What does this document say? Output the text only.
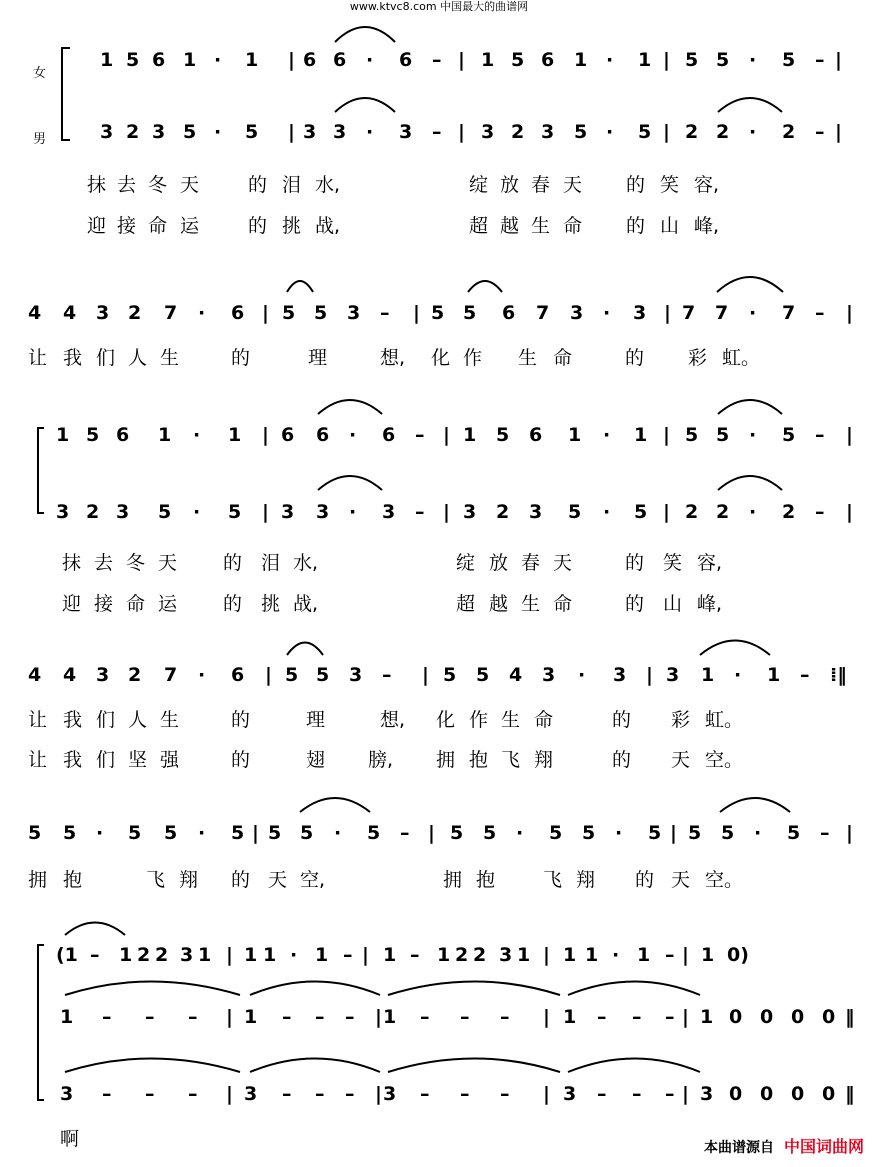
www.ktvc8.com 中国最大的曲谱网
女
男
1 5 6 1 · 1 | 6 6 · 6 – | 1 5 6 1 · 1 | 5 5 · 5 – |
3 2 3 5 · 5 | 3 3 · 3 – | 3 2 3 5 · 5 | 2 2 · 2 – |
抹 去 冬 天	的 泪 水,	绽 放 春 天 的 笑 容,
迎 接 命 运	的 挑 战,	超 越 生 命 的 山 峰,
4 4 3 2 7 · 6 | 5 5 3 – | 5 5 6 7 3 · 3 | 7 7 · 7 – |
让 我 们 人 生	的	理	想, 化 作 生 命	的 彩 虹。
1 5 6 1 · 1 | 6 6 · 6 – | 1 5 6 1 · 1 | 5 5 · 5 – |
3 2 3 5 · 5 | 3 3 · 3 – | 3 2 3 5 · 5 | 2 2 · 2 – |
抹 去 冬 天 的 泪 水,	绽 放 春 天	的 笑 容,
迎 接 命 运 的 挑 战,	超 越 生 命	的 山 峰,
4 4 3 2 7 · 6 | 5 5 3 – | 5 5 4 3 · 3 | 3 1 · 1 – ⁞‖
让 我 们 人 生	的	理	想, 化 作 生 命	的 彩 虹。
让 我 们 坚 强	的	翅 膀, 拥 抱 飞 翔	的 天 空。
5 5 · 5 5 · 5 | 5 5 · 5 – | 5 5 · 5 5 · 5 | 5 5 · 5 – |
拥 抱	飞 翔 的 天 空,	拥 抱	飞 翔 的 天 空。
(1 – 1 2 2 3 1 | 1 1 · 1 – | 1 – 1 2 2 3 1 | 1 1 · 1 – | 1 0)
1 – – – | 1 – – – | 1 – – – | 1 – – – | 1 0 0 0 0 ‖
3 – – – | 3 – – – | 3 – – – | 3 – – – | 3 0 0 0 0 ‖
啊	本曲谱源自 中国词曲网
